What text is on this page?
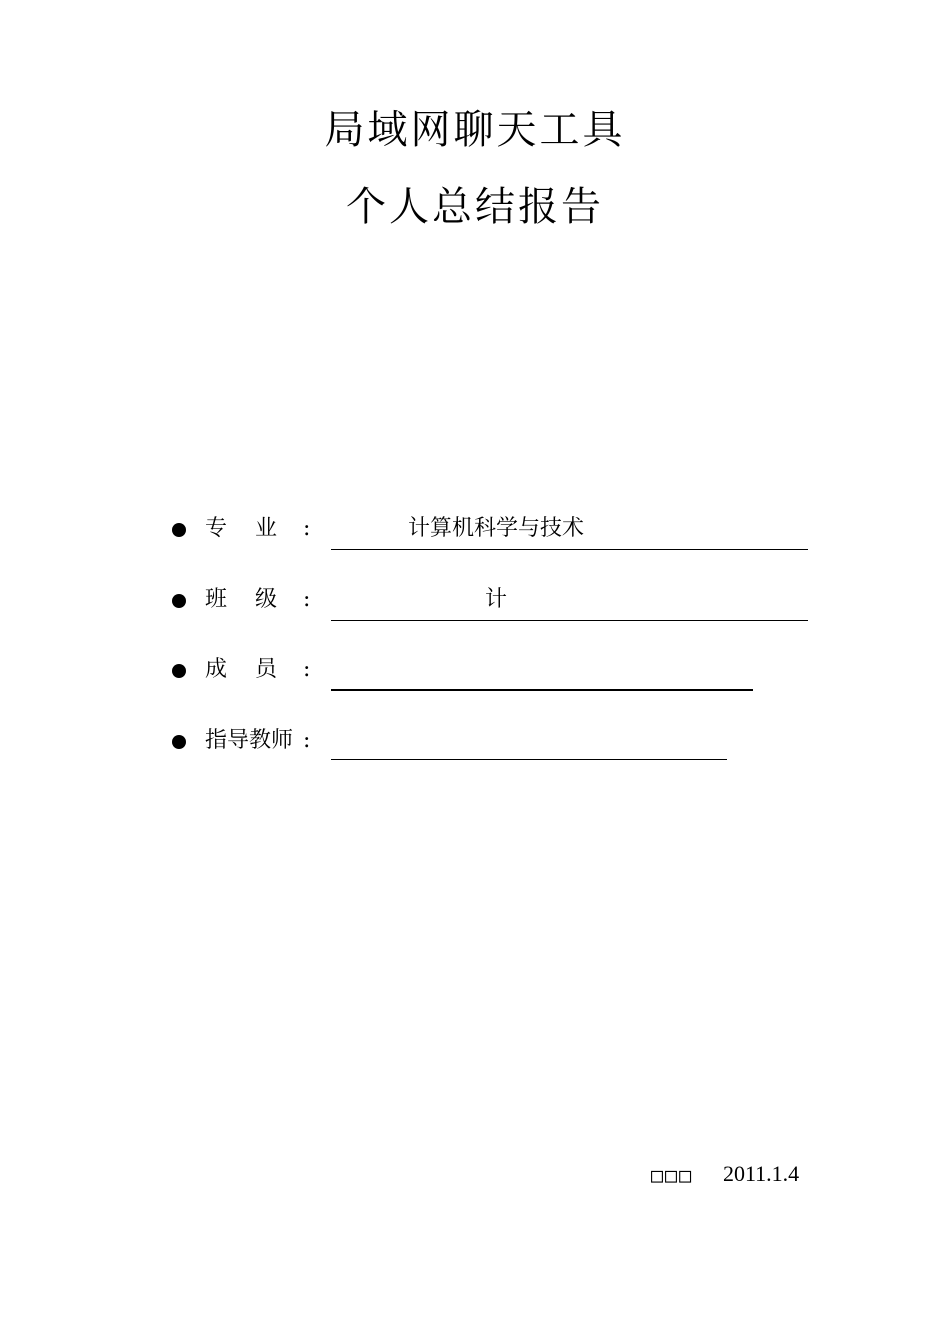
局域网聊天工具
个人总结报告
专    业 :	计算机科学与技术
班    级 :	计
成    员 :
指导教师 :
□□□ 2011.1.4
